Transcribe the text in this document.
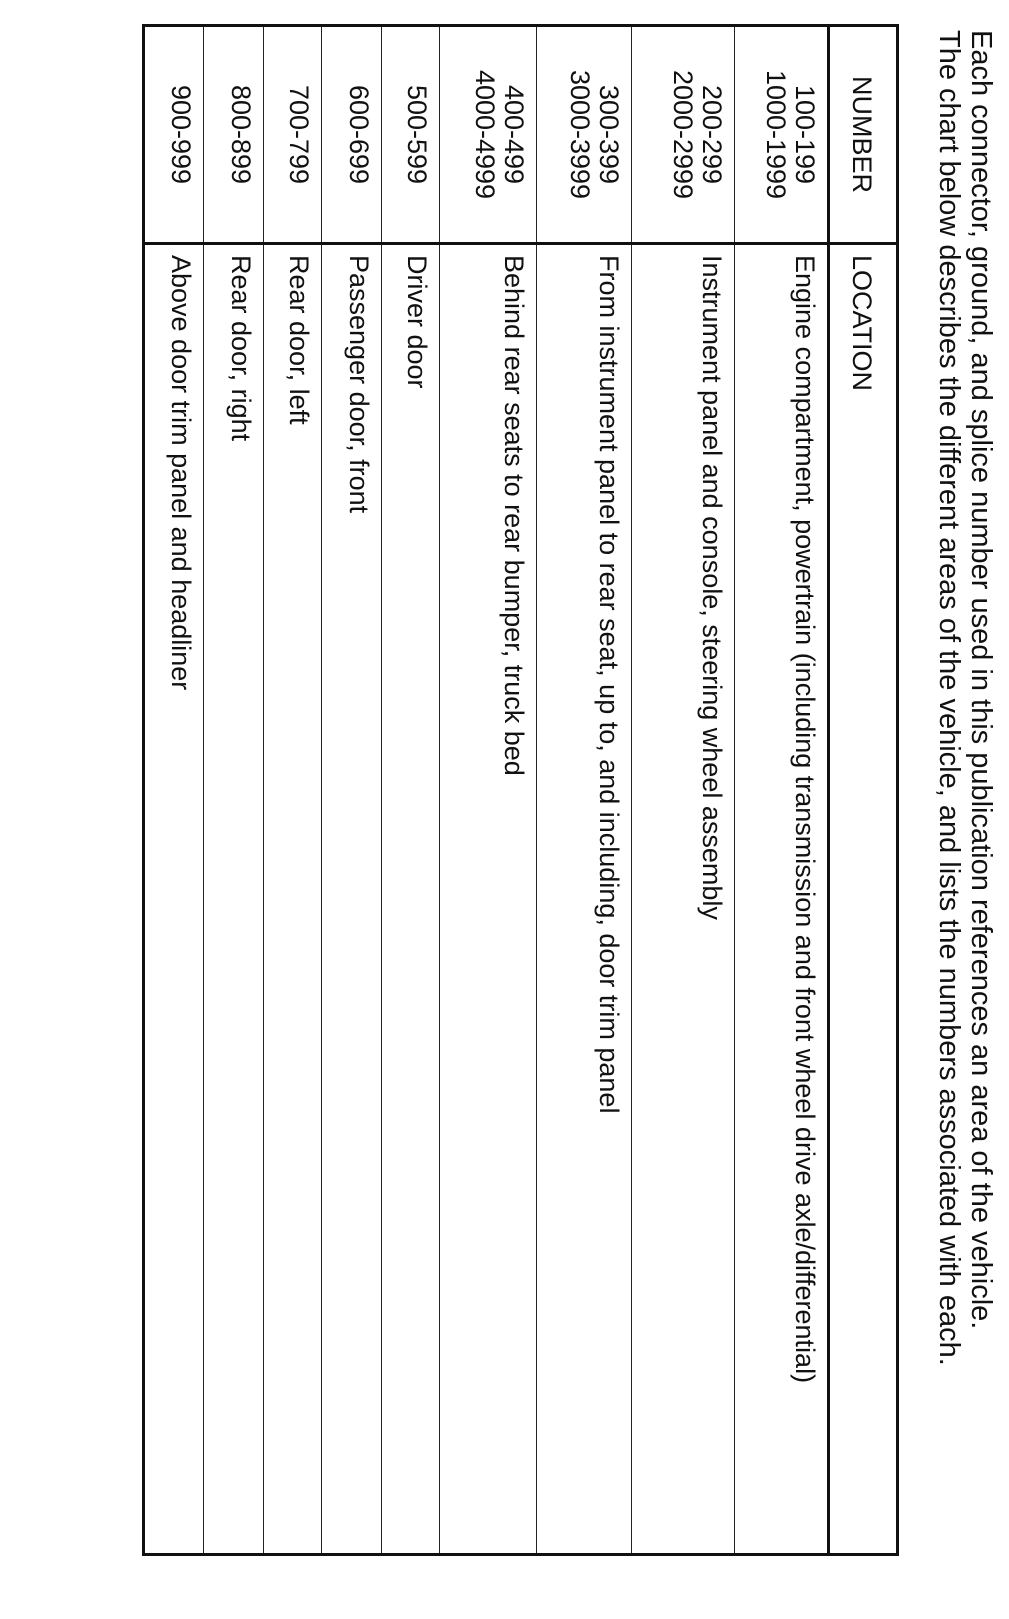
Each connector, ground, and splice number used in this publication references an area of the vehicle.
The chart below describes the different areas of the vehicle, and lists the numbers associated with each.
NUMBER	LOCATION

100-199
1000-1999	Engine compartment, powertrain (including transmission and front wheel drive axle/differential)

200-299
2000-2999	Instrument panel and console, steering wheel assembly

300-399
3000-3999	From instrument panel to rear seat, up to, and including, door trim panel

400-499
4000-4999	Behind rear seats to rear bumper, truck bed

500-599	Driver door

600-699	Passenger door, front

700-799	Rear door, left

800-899	Rear door, right

900-999	Above door trim panel and headliner
